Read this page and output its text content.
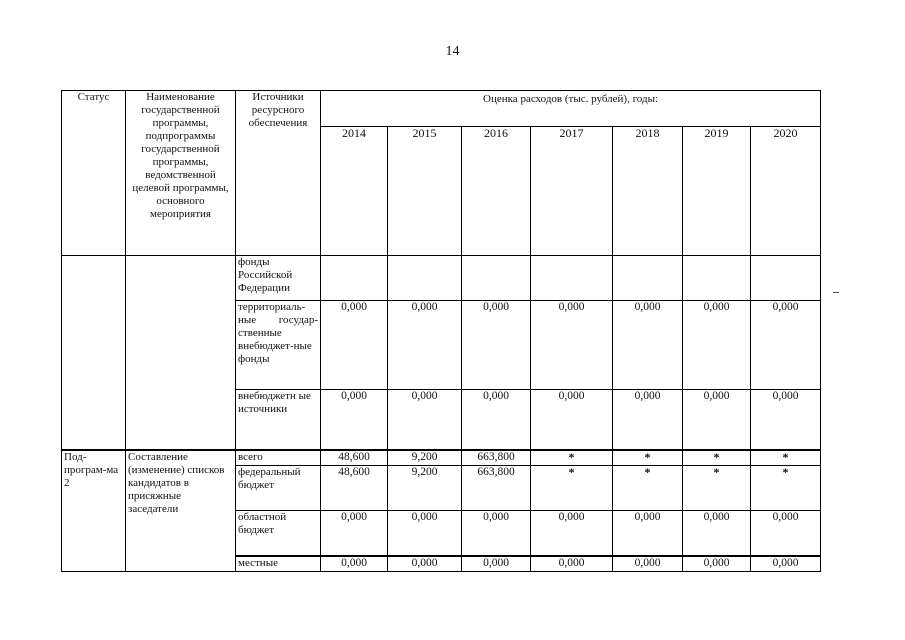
14
Статус	Наименование государственной программы, подпрограммы государственной программы, ведомственной целевой программы, основного мероприятия	Источники ресурсного обеспечения	Оценка расходов (тыс. рублей), годы:						
			2014	2015	2016	2017	2018	2019	2020
		фонды Российской Федерации							
		территориаль-ные государ-ственные внебюджет-ные фонды	0,000	0,000	0,000	0,000	0,000	0,000	0,000
		внебюджетн ые источники	0,000	0,000	0,000	0,000	0,000	0,000	0,000
Под-програм-ма 2	Составление (изменение) списков кандидатов в присяжные заседатели	всего	48,600	9,200	663,800	*	*	*	*
		федеральный бюджет	48,600	9,200	663,800	*	*	*	*
		областной бюджет	0,000	0,000	0,000	0,000	0,000	0,000	0,000
		местные	0,000	0,000	0,000	0,000	0,000	0,000	0,000
